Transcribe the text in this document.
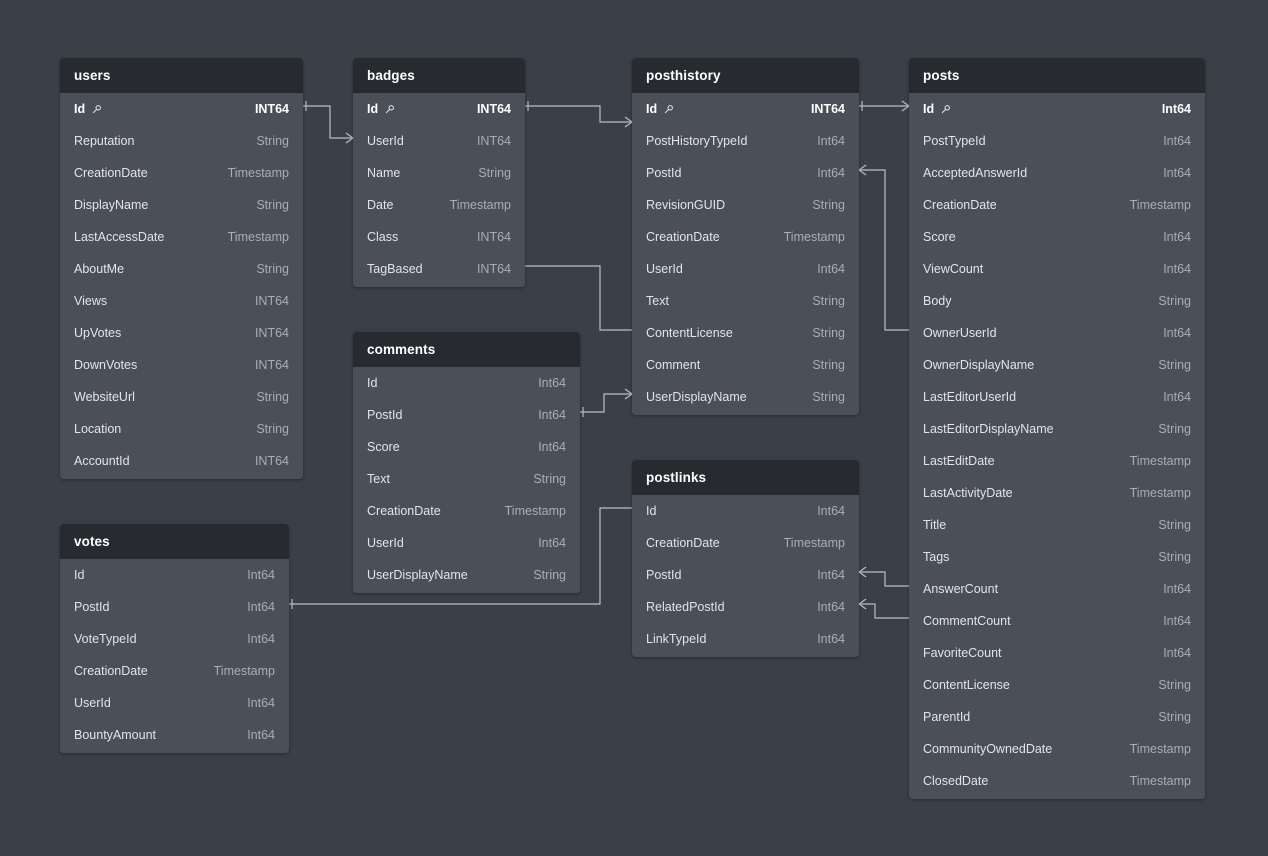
users
Id	INT64
Reputation	String
CreationDate	Timestamp
DisplayName	String
LastAccessDate	Timestamp
AboutMe	String
Views	INT64
UpVotes	INT64
DownVotes	INT64
WebsiteUrl	String
Location	String
AccountId	INT64
badges
Id	INT64
UserId	INT64
Name	String
Date	Timestamp
Class	INT64
TagBased	INT64
comments
Id	Int64
PostId	Int64
Score	Int64
Text	String
CreationDate	Timestamp
UserId	Int64
UserDisplayName	String
posthistory
Id	INT64
PostHistoryTypeId	Int64
PostId	Int64
RevisionGUID	String
CreationDate	Timestamp
UserId	Int64
Text	String
ContentLicense	String
Comment	String
UserDisplayName	String
postlinks
Id	Int64
CreationDate	Timestamp
PostId	Int64
RelatedPostId	Int64
LinkTypeId	Int64
posts
Id	Int64
PostTypeId	Int64
AcceptedAnswerId	Int64
CreationDate	Timestamp
Score	Int64
ViewCount	Int64
Body	String
OwnerUserId	Int64
OwnerDisplayName	String
LastEditorUserId	Int64
LastEditorDisplayName	String
LastEditDate	Timestamp
LastActivityDate	Timestamp
Title	String
Tags	String
AnswerCount	Int64
CommentCount	Int64
FavoriteCount	Int64
ContentLicense	String
ParentId	String
CommunityOwnedDate	Timestamp
ClosedDate	Timestamp
votes
Id	Int64
PostId	Int64
VoteTypeId	Int64
CreationDate	Timestamp
UserId	Int64
BountyAmount	Int64
